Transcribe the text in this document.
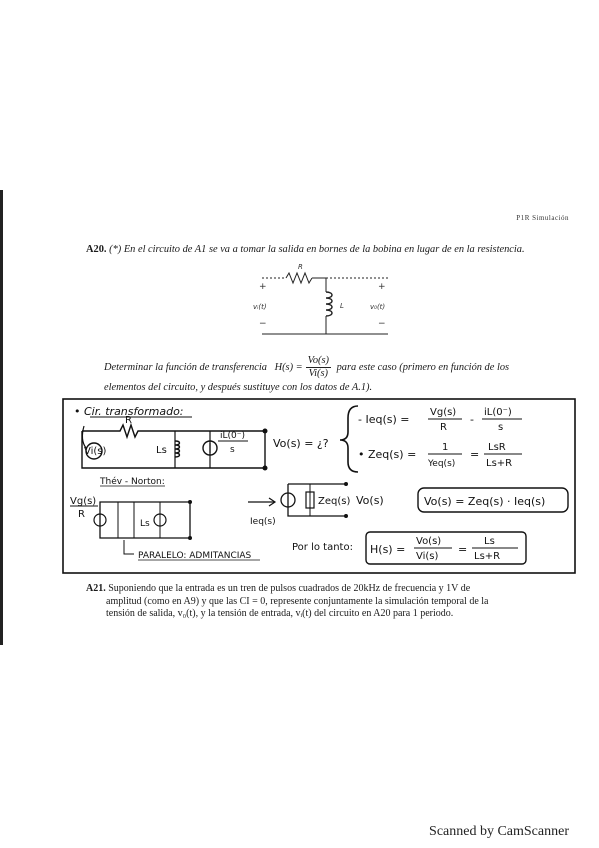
P1R Simulación
A20. (*) En el circuito de A1 se va a tomar la salida en bornes de la bobina en lugar de en la resistencia.
R
L
+
−
+
−
vᵢ(t)	v₀(t)
Determinar la función de transferencia $H(s) = \frac{Vo(s)}{Vi(s)}$ para este caso (primero en función de los
elementos del circuito, y después sustituye con los datos de A.1).
• Cir. transformado:
Vi(s)
R
Ls
iL(0⁻)
s	Vo(s) = ¿?
- Ieq(s) =
Vg(s)
R
-
iL(0⁻)
s
• Zeq(s) =
1
Yeq(s)
=
LsR
Ls+R
Thév - Norton:
Vg(s)
R
Ls
PARALELO: ADMITANCIAS
Ieq(s)
Zeq(s) Vo(s)	Vo(s) = Zeq(s) · Ieq(s)
Por lo tanto: H(s) =
Vo(s)
Vi(s)
=
Ls
Ls+R
A21. Suponiendo que la entrada es un tren de pulsos cuadrados de 20kHz de frecuencia y 1V de
amplitud (como en A9) y que las CI = 0, represente conjuntamente la simulación temporal de la
tensión de salida, v₀(t), y la tensión de entrada, vᵢ(t) del circuito en A20 para 1 periodo.
Scanned by CamScanner
